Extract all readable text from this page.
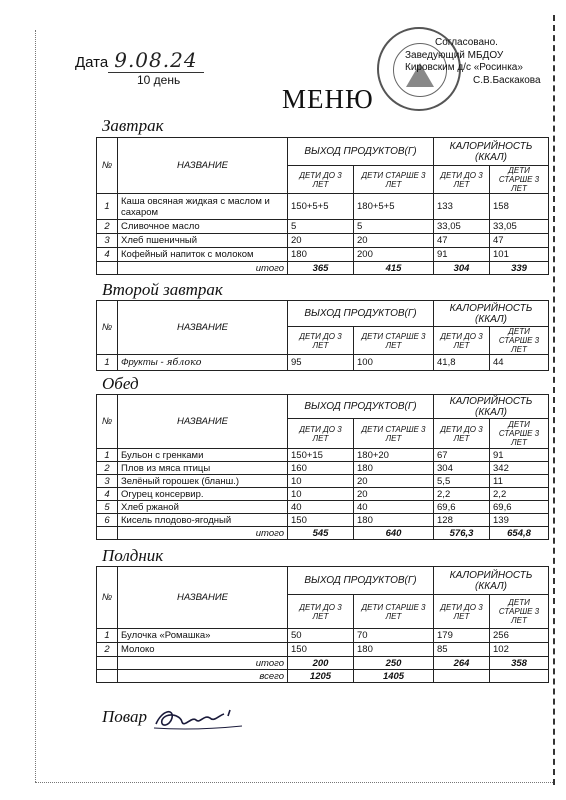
Дата 9.08.24
10 день
МЕНЮ
Согласовано.
Заведующий МБДОУ
Кировским д/с «Росинка»
С.В.Баскакова
Завтрак
№	НАЗВАНИЕ	ВЫХОД ПРОДУКТОВ(Г)		КАЛОРИЙНОСТЬ (ККАЛ)	
		ДЕТИ ДО 3 ЛЕТ	ДЕТИ СТАРШЕ 3 ЛЕТ	ДЕТИ ДО 3 ЛЕТ	ДЕТИ СТАРШЕ 3 ЛЕТ
1	Каша овсяная жидкая с маслом и сахаром	150+5+5	180+5+5	133	158
2	Сливочное масло	5	5	33,05	33,05
3	Хлеб пшеничный	20	20	47	47
4	Кофейный напиток с молоком	180	200	91	101
	итого	365	415	304	339
Второй завтрак
№	НАЗВАНИЕ	ВЫХОД ПРОДУКТОВ(Г)		КАЛОРИЙНОСТЬ (ККАЛ)	
		ДЕТИ ДО 3 ЛЕТ	ДЕТИ СТАРШЕ 3 ЛЕТ	ДЕТИ ДО 3 ЛЕТ	ДЕТИ СТАРШЕ 3 ЛЕТ
1	Фрукты - яблоко	95	100	41,8	44
Обед
№	НАЗВАНИЕ	ВЫХОД ПРОДУКТОВ(Г)		КАЛОРИЙНОСТЬ (ККАЛ)	
		ДЕТИ ДО 3 ЛЕТ	ДЕТИ СТАРШЕ 3 ЛЕТ	ДЕТИ ДО 3 ЛЕТ	ДЕТИ СТАРШЕ 3 ЛЕТ
1	Бульон с гренками	150+15	180+20	67	91
2	Плов из мяса птицы	160	180	304	342
3	Зелёный горошек (бланш.)	10	20	5,5	11
4	Огурец консервир.	10	20	2,2	2,2
5	Хлеб ржаной	40	40	69,6	69,6
6	Кисель плодово-ягодный	150	180	128	139
	итого	545	640	576,3	654,8
Полдник
№	НАЗВАНИЕ	ВЫХОД ПРОДУКТОВ(Г)		КАЛОРИЙНОСТЬ (ККАЛ)	
		ДЕТИ ДО 3 ЛЕТ	ДЕТИ СТАРШЕ 3 ЛЕТ	ДЕТИ ДО 3 ЛЕТ	ДЕТИ СТАРШЕ 3 ЛЕТ
1	Булочка «Ромашка»	50	70	179	256
2	Молоко	150	180	85	102
	итого	200	250	264	358
	всего	1205	1405		
Повар
